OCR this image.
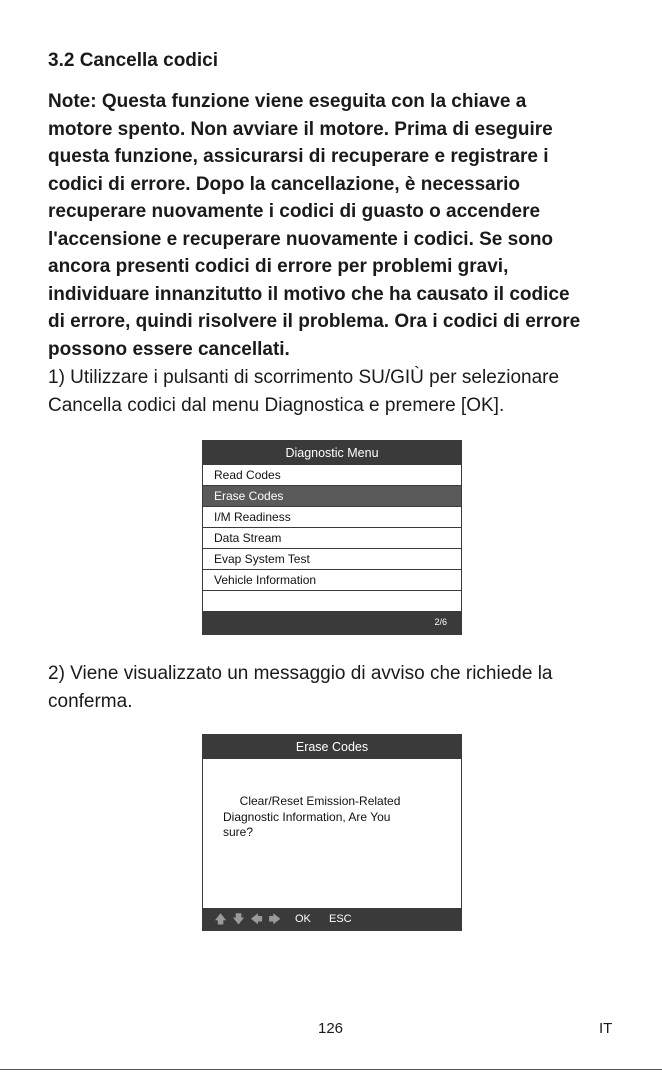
3.2 Cancella codici
Note: Questa funzione viene eseguita con la chiave a
motore spento. Non avviare il motore. Prima di eseguire
questa funzione, assicurarsi di recuperare e registrare i
codici di errore. Dopo la cancellazione, è necessario
recuperare nuovamente i codici di guasto o accendere
l'accensione e recuperare nuovamente i codici. Se sono
ancora presenti codici di errore per problemi gravi,
individuare innanzitutto il motivo che ha causato il codice
di errore, quindi risolvere il problema. Ora i codici di errore
possono essere cancellati.
1) Utilizzare i pulsanti di scorrimento SU/GIÙ per selezionare
Cancella codici dal menu Diagnostica e premere [OK].
Diagnostic Menu
Read Codes
Erase Codes
I/M Readiness
Data Stream
Evap System Test
Vehicle Information
2/6
2) Viene visualizzato un messaggio di avviso che richiede la
conferma.
Erase Codes
Clear/Reset Emission-Related
Diagnostic Information, Are You
sure?
🡅 🡇 🡄 🡆 OK ESC
126	IT
